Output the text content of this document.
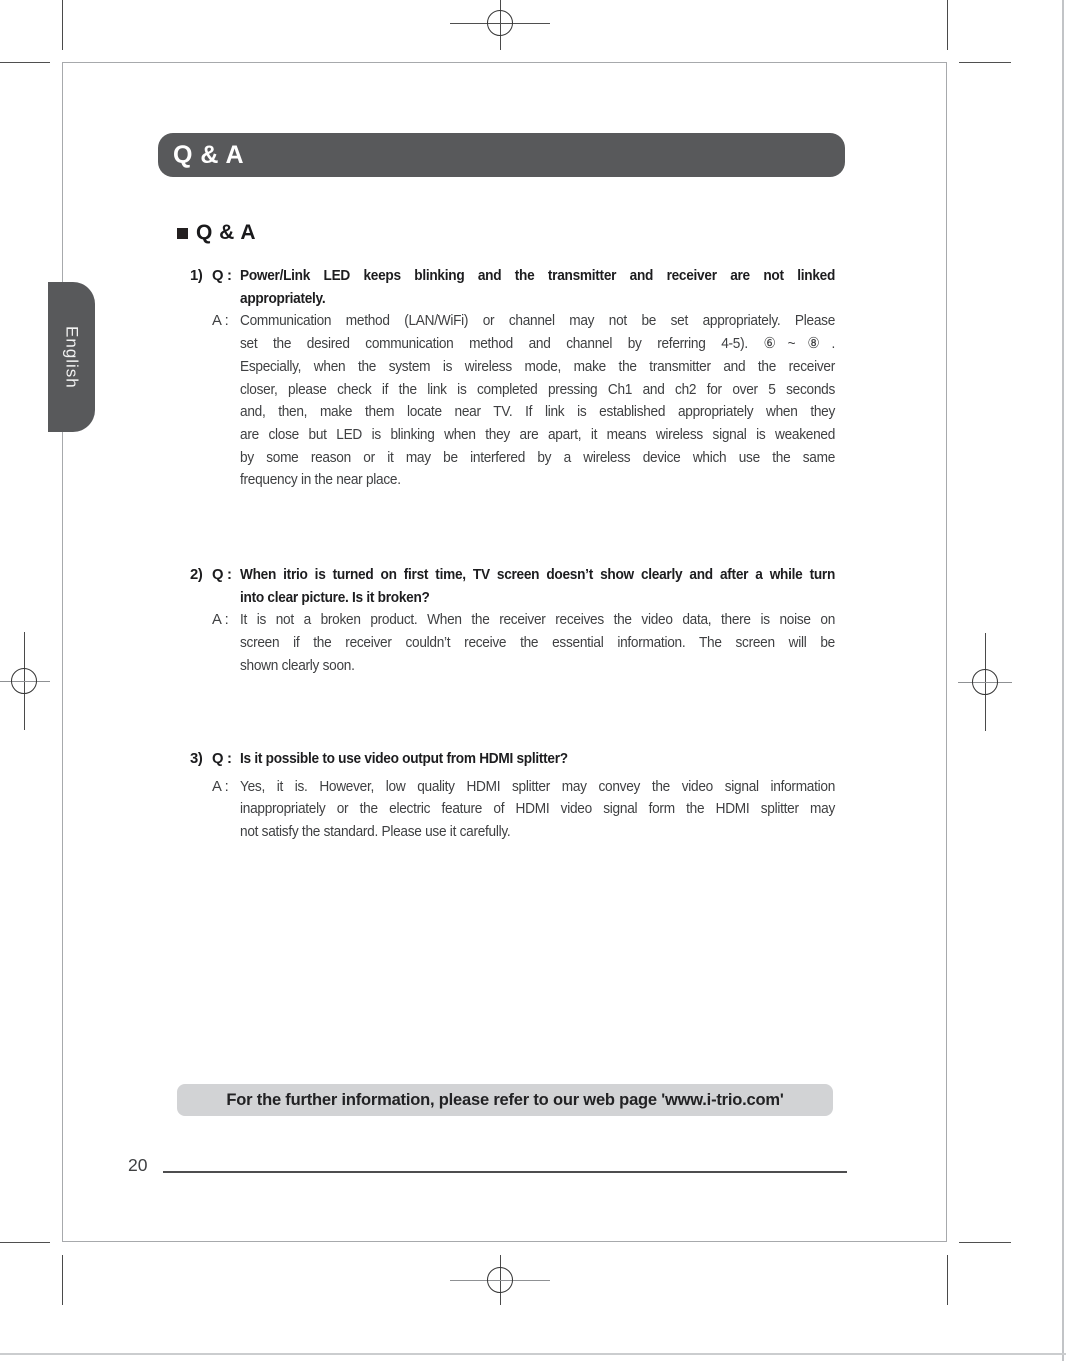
English
Q & A
Q & A
1) Q : Power/Link LED keeps blinking and the transmitter and receiver are not linked
appropriately.
A : Communication method (LAN/WiFi) or channel may not be set appropriately. Please
set the desired communication method and channel by referring 4-5). ⑥~⑧.
Especially, when the system is wireless mode, make the transmitter and the receiver
closer, please check if the link is completed pressing Ch1 and ch2 for over 5 seconds
and, then, make them locate near TV. If link is established appropriately when they
are close but LED is blinking when they are apart, it means wireless signal is weakened
by some reason or it may be interfered by a wireless device which use the same
frequency in the near place.
2) Q : When itrio is turned on first time, TV screen doesn’t show clearly and after a while turn
into clear picture. Is it broken?
A : It is not a broken product. When the receiver receives the video data, there is noise on
screen if the receiver couldn’t receive the essential information. The screen will be
shown clearly soon.
3) Q : Is it possible to use video output from HDMI splitter?
A : Yes, it is. However, low quality HDMI splitter may convey the video signal information
inappropriately or the electric feature of HDMI video signal form the HDMI splitter may
not satisfy the standard. Please use it carefully.
For the further information, please refer to our web page 'www.i-trio.com'
20
